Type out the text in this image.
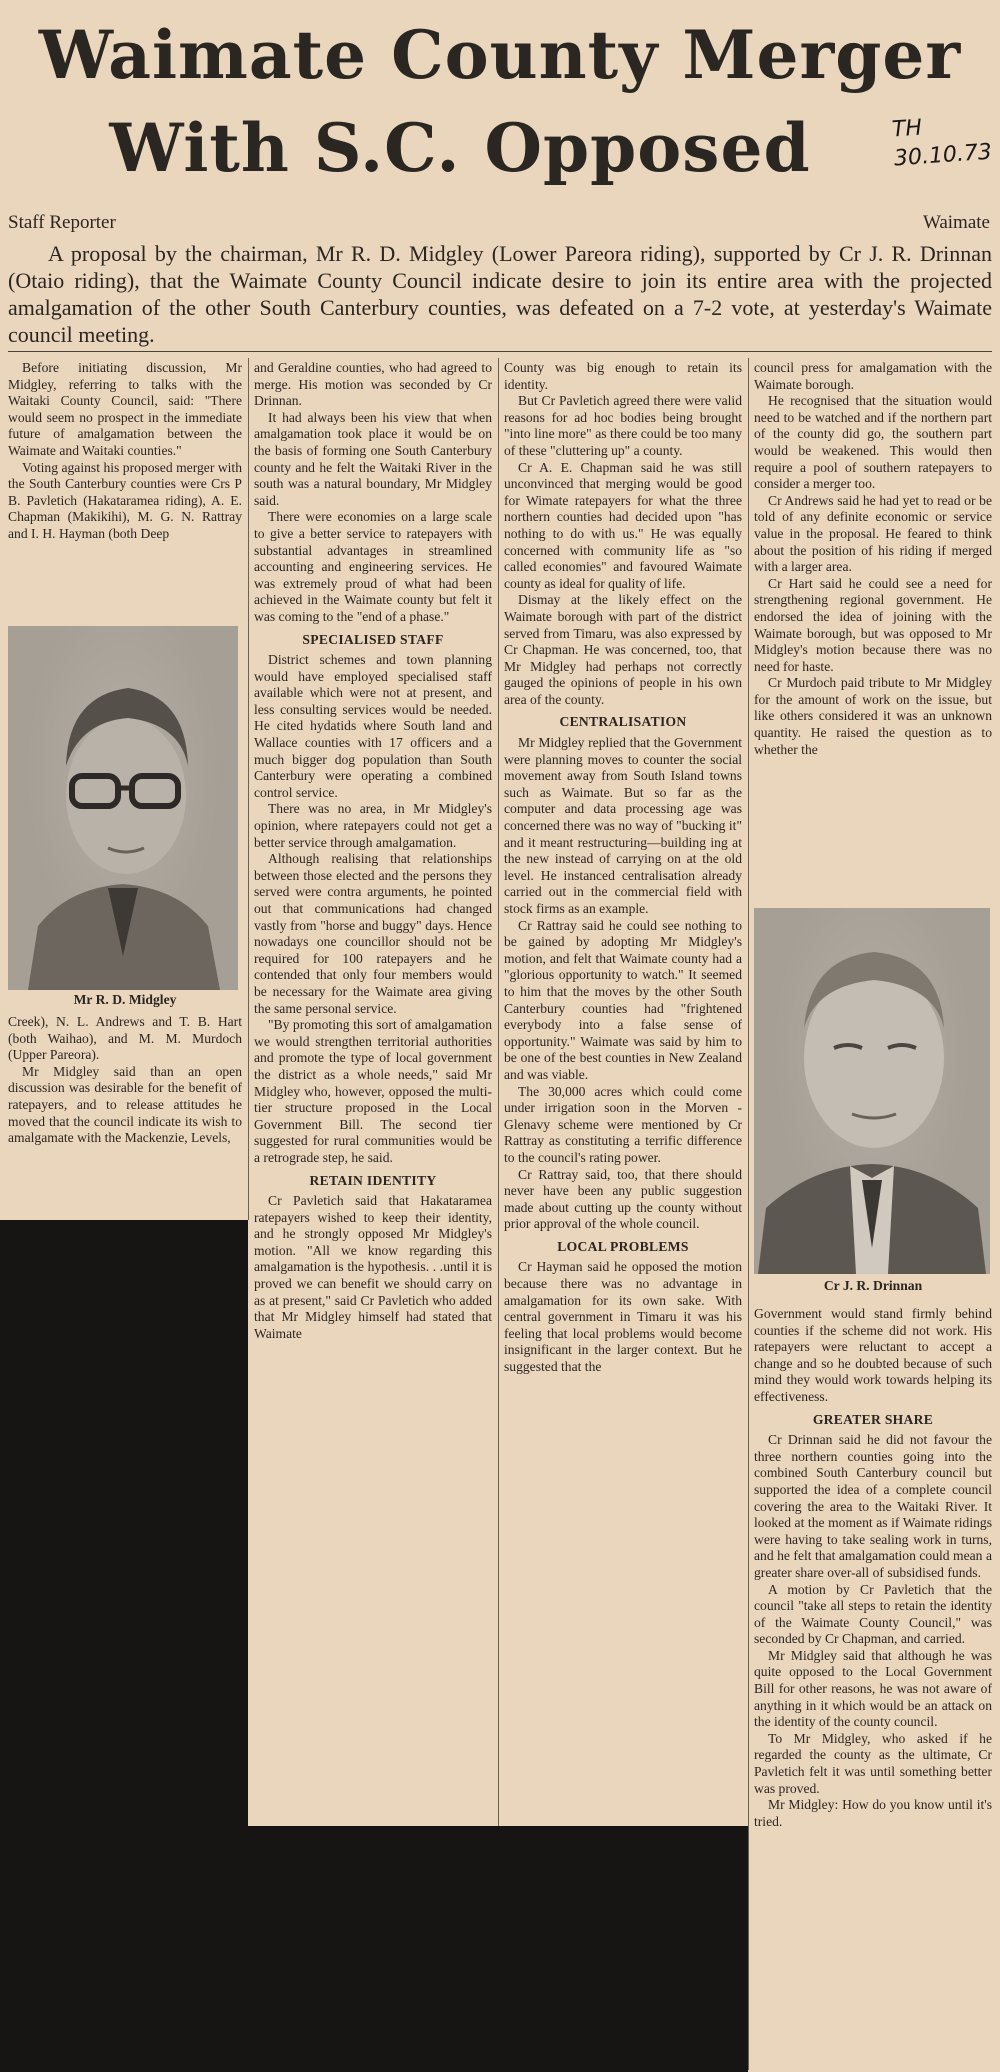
Waimate County Merger
With S.C. Opposed	TH
30.10.73
Staff Reporter	Waimate

A proposal by the chairman, Mr R. D. Midgley (Lower Pareora riding), supported by Cr J. R. Drinnan (Otaio riding), that the Waimate County Council indicate desire to join its entire area with the projected amalgamation of the other South Canterbury counties, was defeated on a 7-2 vote, at yesterday's Waimate council meeting.

Before initiating discussion, Mr Midgley, referring to talks with the Waitaki County Council, said: "There would seem no prospect in the immediate future of amalgamation between the Waimate and Waitaki counties."

Voting against his proposed merger with the South Canterbury counties were Crs P B. Pavletich (Hakataramea riding), A. E. Chapman (Makikihi), M. G. N. Rattray and I. H. Hayman (both Deep

Mr R. D. Midgley

Creek), N. L. Andrews and T. B. Hart (both Waihao), and M. M. Murdoch (Upper Pareora).

Mr Midgley said than an open discussion was desirable for the benefit of ratepayers, and to release attitudes he moved that the council indicate its wish to amalgamate with the Mackenzie, Levels,

and Geraldine counties, who had agreed to merge. His motion was seconded by Cr Drinnan.

It had always been his view that when amalgamation took place it would be on the basis of forming one South Canterbury county and he felt the Waitaki River in the south was a natural boundary, Mr Midgley said.

There were economies on a large scale to give a better service to ratepayers with substantial advantages in streamlined accounting and engineering services. He was extremely proud of what had been achieved in the Waimate county but felt it was coming to the "end of a phase."

SPECIALISED STAFF

District schemes and town planning would have employed specialised staff available which were not at present, and less consulting services would be needed. He cited hydatids where South land and Wallace counties with 17 officers and a much bigger dog population than South Canterbury were operating a combined control service.

There was no area, in Mr Midgley's opinion, where ratepayers could not get a better service through amalgamation.

Although realising that relationships between those elected and the persons they served were contra arguments, he pointed out that communications had changed vastly from "horse and buggy" days. Hence nowadays one councillor should not be required for 100 ratepayers and he contended that only four members would be necessary for the Waimate area giving the same personal service.

"By promoting this sort of amalgamation we would strengthen territorial authorities and promote the type of local government the district as a whole needs," said Mr Midgley who, however, opposed the multi-tier structure proposed in the Local Government Bill. The second tier suggested for rural communities would be a retrograde step, he said.

RETAIN IDENTITY

Cr Pavletich said that Hakataramea ratepayers wished to keep their identity, and he strongly opposed Mr Midgley's motion. "All we know regarding this amalgamation is the hypothesis. . .until it is proved we can benefit we should carry on as at present," said Cr Pavletich who added that Mr Midgley himself had stated that Waimate

County was big enough to retain its identity.

But Cr Pavletich agreed there were valid reasons for ad hoc bodies being brought "into line more" as there could be too many of these "cluttering up" a county.

Cr A. E. Chapman said he was still unconvinced that merging would be good for Wimate ratepayers for what the three northern counties had decided upon "has nothing to do with us." He was equally concerned with community life as "so called economies" and favoured Waimate county as ideal for quality of life.

Dismay at the likely effect on the Waimate borough with part of the district served from Timaru, was also expressed by Cr Chapman. He was concerned, too, that Mr Midgley had perhaps not correctly gauged the opinions of people in his own area of the county.

CENTRALISATION

Mr Midgley replied that the Government were planning moves to counter the social movement away from South Island towns such as Waimate. But so far as the computer and data processing age was concerned there was no way of "bucking it" and it meant restructuring—building ing at the new instead of carrying on at the old level. He instanced centralisation already carried out in the commercial field with stock firms as an example.

Cr Rattray said he could see nothing to be gained by adopting Mr Midgley's motion, and felt that Waimate county had a "glorious opportunity to watch." It seemed to him that the moves by the other South Canterbury counties had "frightened everybody into a false sense of opportunity." Waimate was said by him to be one of the best counties in New Zealand and was viable.

The 30,000 acres which could come under irrigation soon in the Morven - Glenavy scheme were mentioned by Cr Rattray as constituting a terrific difference to the council's rating power.

Cr Rattray said, too, that there should never have been any public suggestion made about cutting up the county without prior approval of the whole council.

LOCAL PROBLEMS

Cr Hayman said he opposed the motion because there was no advantage in amalgamation for its own sake. With central government in Timaru it was his feeling that local problems would become insignificant in the larger context. But he suggested that the

council press for amalgamation with the Waimate borough.

He recognised that the situation would need to be watched and if the northern part of the county did go, the southern part would be weakened. This would then require a pool of southern ratepayers to consider a merger too.

Cr Andrews said he had yet to read or be told of any definite economic or service value in the proposal. He feared to think about the position of his riding if merged with a larger area.

Cr Hart said he could see a need for strengthening regional government. He endorsed the idea of joining with the Waimate borough, but was opposed to Mr Midgley's motion because there was no need for haste.

Cr Murdoch paid tribute to Mr Midgley for the amount of work on the issue, but like others considered it was an unknown quantity. He raised the question as to whether the

Cr J. R. Drinnan

Government would stand firmly behind counties if the scheme did not work. His ratepayers were reluctant to accept a change and so he doubted because of such mind they would work towards helping its effectiveness.

GREATER SHARE

Cr Drinnan said he did not favour the three northern counties going into the combined South Canterbury council but supported the idea of a complete council covering the area to the Waitaki River. It looked at the moment as if Waimate ridings were having to take sealing work in turns, and he felt that amalgamation could mean a greater share over-all of subsidised funds.

A motion by Cr Pavletich that the council "take all steps to retain the identity of the Waimate County Council," was seconded by Cr Chapman, and carried.

Mr Midgley said that although he was quite opposed to the Local Government Bill for other reasons, he was not aware of anything in it which would be an attack on the identity of the county council.

To Mr Midgley, who asked if he regarded the county as the ultimate, Cr Pavletich felt it was until something better was proved.

Mr Midgley: How do you know until it's tried.
